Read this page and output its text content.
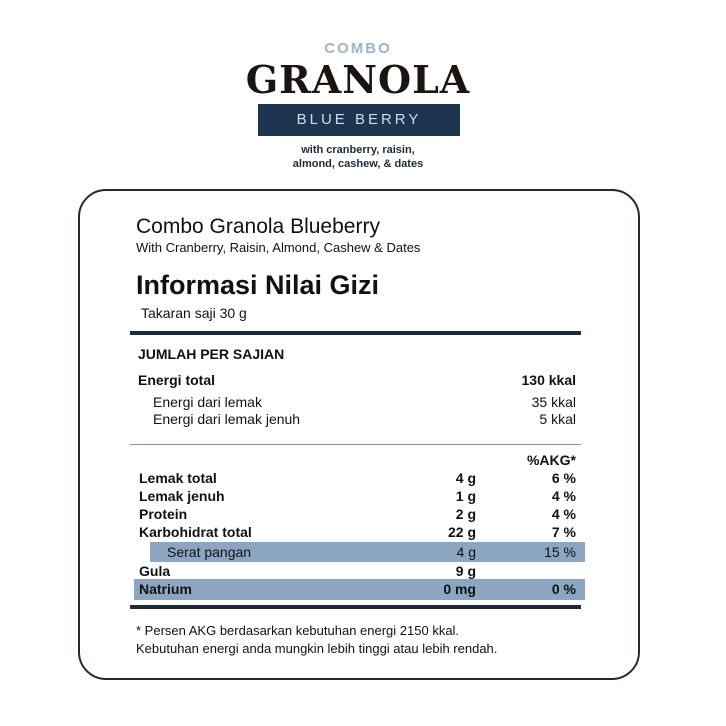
COMBO
GRANOLA
BLUE BERRY
with cranberry, raisin,
almond, cashew, & dates
Combo Granola Blueberry
With Cranberry, Raisin, Almond, Cashew & Dates
Informasi Nilai Gizi
Takaran saji 30 g
JUMLAH PER SAJIAN
Energi total	130 kkal
Energi dari lemak	35 kkal
Energi dari lemak jenuh	5 kkal
%AKG*
Lemak total	4 g	6 %
Lemak jenuh	1 g	4 %
Protein	2 g	4 %
Karbohidrat total	22 g	7 %
Serat pangan	4 g	15 %
Gula	9 g
Natrium	0 mg	0 %
* Persen AKG berdasarkan kebutuhan energi 2150 kkal.
Kebutuhan energi anda mungkin lebih tinggi atau lebih rendah.
